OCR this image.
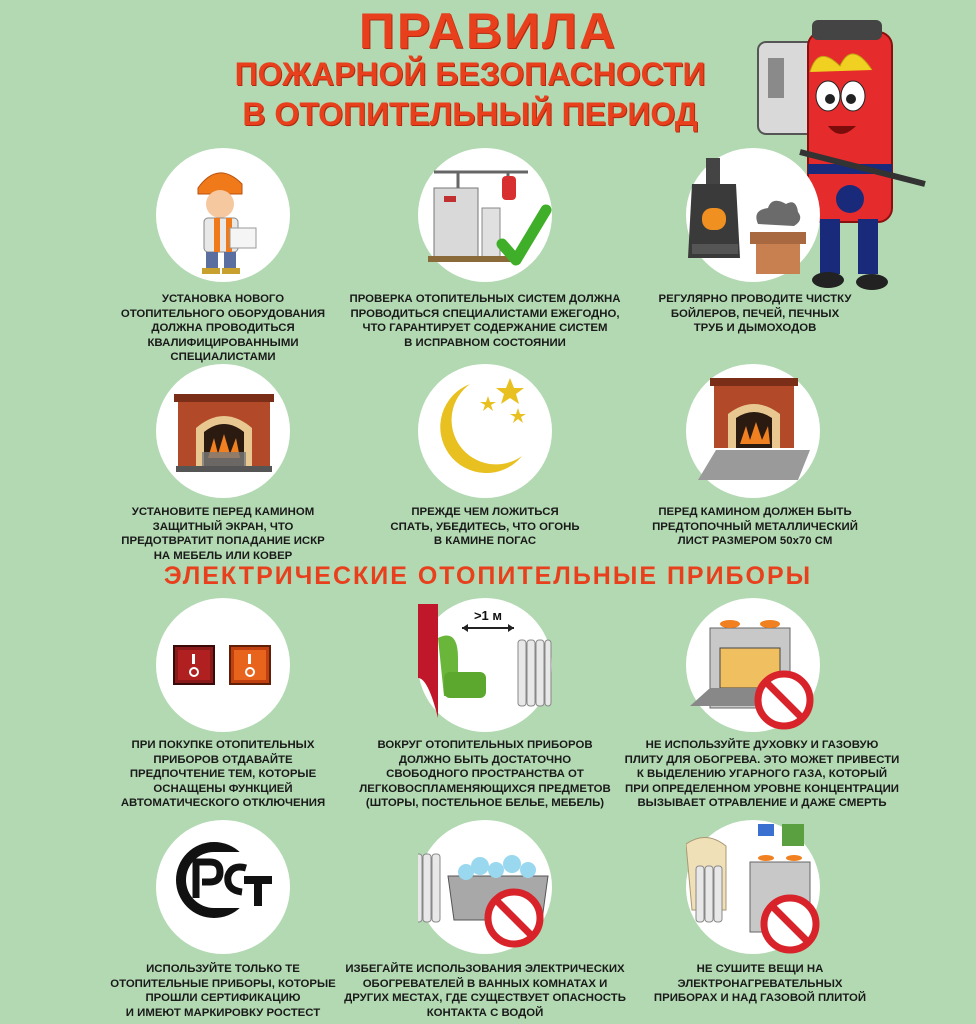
ПРАВИЛА
ПОЖАРНОЙ БЕЗОПАСНОСТИ
В ОТОПИТЕЛЬНЫЙ ПЕРИОД
УСТАНОВКА НОВОГО
ОТОПИТЕЛЬНОГО ОБОРУДОВАНИЯ
ДОЛЖНА ПРОВОДИТЬСЯ
КВАЛИФИЦИРОВАННЫМИ
СПЕЦИАЛИСТАМИ
ПРОВЕРКА ОТОПИТЕЛЬНЫХ СИСТЕМ ДОЛЖНА
ПРОВОДИТЬСЯ СПЕЦИАЛИСТАМИ ЕЖЕГОДНО,
ЧТО ГАРАНТИРУЕТ СОДЕРЖАНИЕ СИСТЕМ
В ИСПРАВНОМ СОСТОЯНИИ
РЕГУЛЯРНО ПРОВОДИТЕ ЧИСТКУ
БОЙЛЕРОВ, ПЕЧЕЙ, ПЕЧНЫХ
ТРУБ И ДЫМОХОДОВ
УСТАНОВИТЕ ПЕРЕД КАМИНОМ
ЗАЩИТНЫЙ ЭКРАН, ЧТО
ПРЕДОТВРАТИТ ПОПАДАНИЕ ИСКР
НА МЕБЕЛЬ ИЛИ КОВЕР
ПРЕЖДЕ ЧЕМ ЛОЖИТЬСЯ
СПАТЬ, УБЕДИТЕСЬ, ЧТО ОГОНЬ
В КАМИНЕ ПОГАС
ПЕРЕД КАМИНОМ ДОЛЖЕН БЫТЬ
ПРЕДТОПОЧНЫЙ МЕТАЛЛИЧЕСКИЙ
ЛИСТ РАЗМЕРОМ 50х70 СМ
ЭЛЕКТРИЧЕСКИЕ ОТОПИТЕЛЬНЫЕ ПРИБОРЫ
>1 м
ПРИ ПОКУПКЕ ОТОПИТЕЛЬНЫХ
ПРИБОРОВ ОТДАВАЙТЕ
ПРЕДПОЧТЕНИЕ ТЕМ, КОТОРЫЕ
ОСНАЩЕНЫ ФУНКЦИЕЙ
АВТОМАТИЧЕСКОГО ОТКЛЮЧЕНИЯ
ВОКРУГ ОТОПИТЕЛЬНЫХ ПРИБОРОВ
ДОЛЖНО БЫТЬ ДОСТАТОЧНО
СВОБОДНОГО ПРОСТРАНСТВА ОТ
ЛЕГКОВОСПЛАМЕНЯЮЩИХСЯ ПРЕДМЕТОВ
(ШТОРЫ, ПОСТЕЛЬНОЕ БЕЛЬЕ, МЕБЕЛЬ)
НЕ ИСПОЛЬЗУЙТЕ ДУХОВКУ И ГАЗОВУЮ
ПЛИТУ ДЛЯ ОБОГРЕВА. ЭТО МОЖЕТ ПРИВЕСТИ
К ВЫДЕЛЕНИЮ УГАРНОГО ГАЗА, КОТОРЫЙ
ПРИ ОПРЕДЕЛЕННОМ УРОВНЕ КОНЦЕНТРАЦИИ
ВЫЗЫВАЕТ ОТРАВЛЕНИЕ И ДАЖЕ СМЕРТЬ
ИСПОЛЬЗУЙТЕ ТОЛЬКО ТЕ
ОТОПИТЕЛЬНЫЕ ПРИБОРЫ, КОТОРЫЕ
ПРОШЛИ СЕРТИФИКАЦИЮ
И ИМЕЮТ МАРКИРОВКУ РОСТЕСТ
ИЗБЕГАЙТЕ ИСПОЛЬЗОВАНИЯ ЭЛЕКТРИЧЕСКИХ
ОБОГРЕВАТЕЛЕЙ В ВАННЫХ КОМНАТАХ И
ДРУГИХ МЕСТАХ, ГДЕ СУЩЕСТВУЕТ ОПАСНОСТЬ
КОНТАКТА С ВОДОЙ
НЕ СУШИТЕ ВЕЩИ НА
ЭЛЕКТРОНАГРЕВАТЕЛЬНЫХ
ПРИБОРАХ И НАД ГАЗОВОЙ ПЛИТОЙ
